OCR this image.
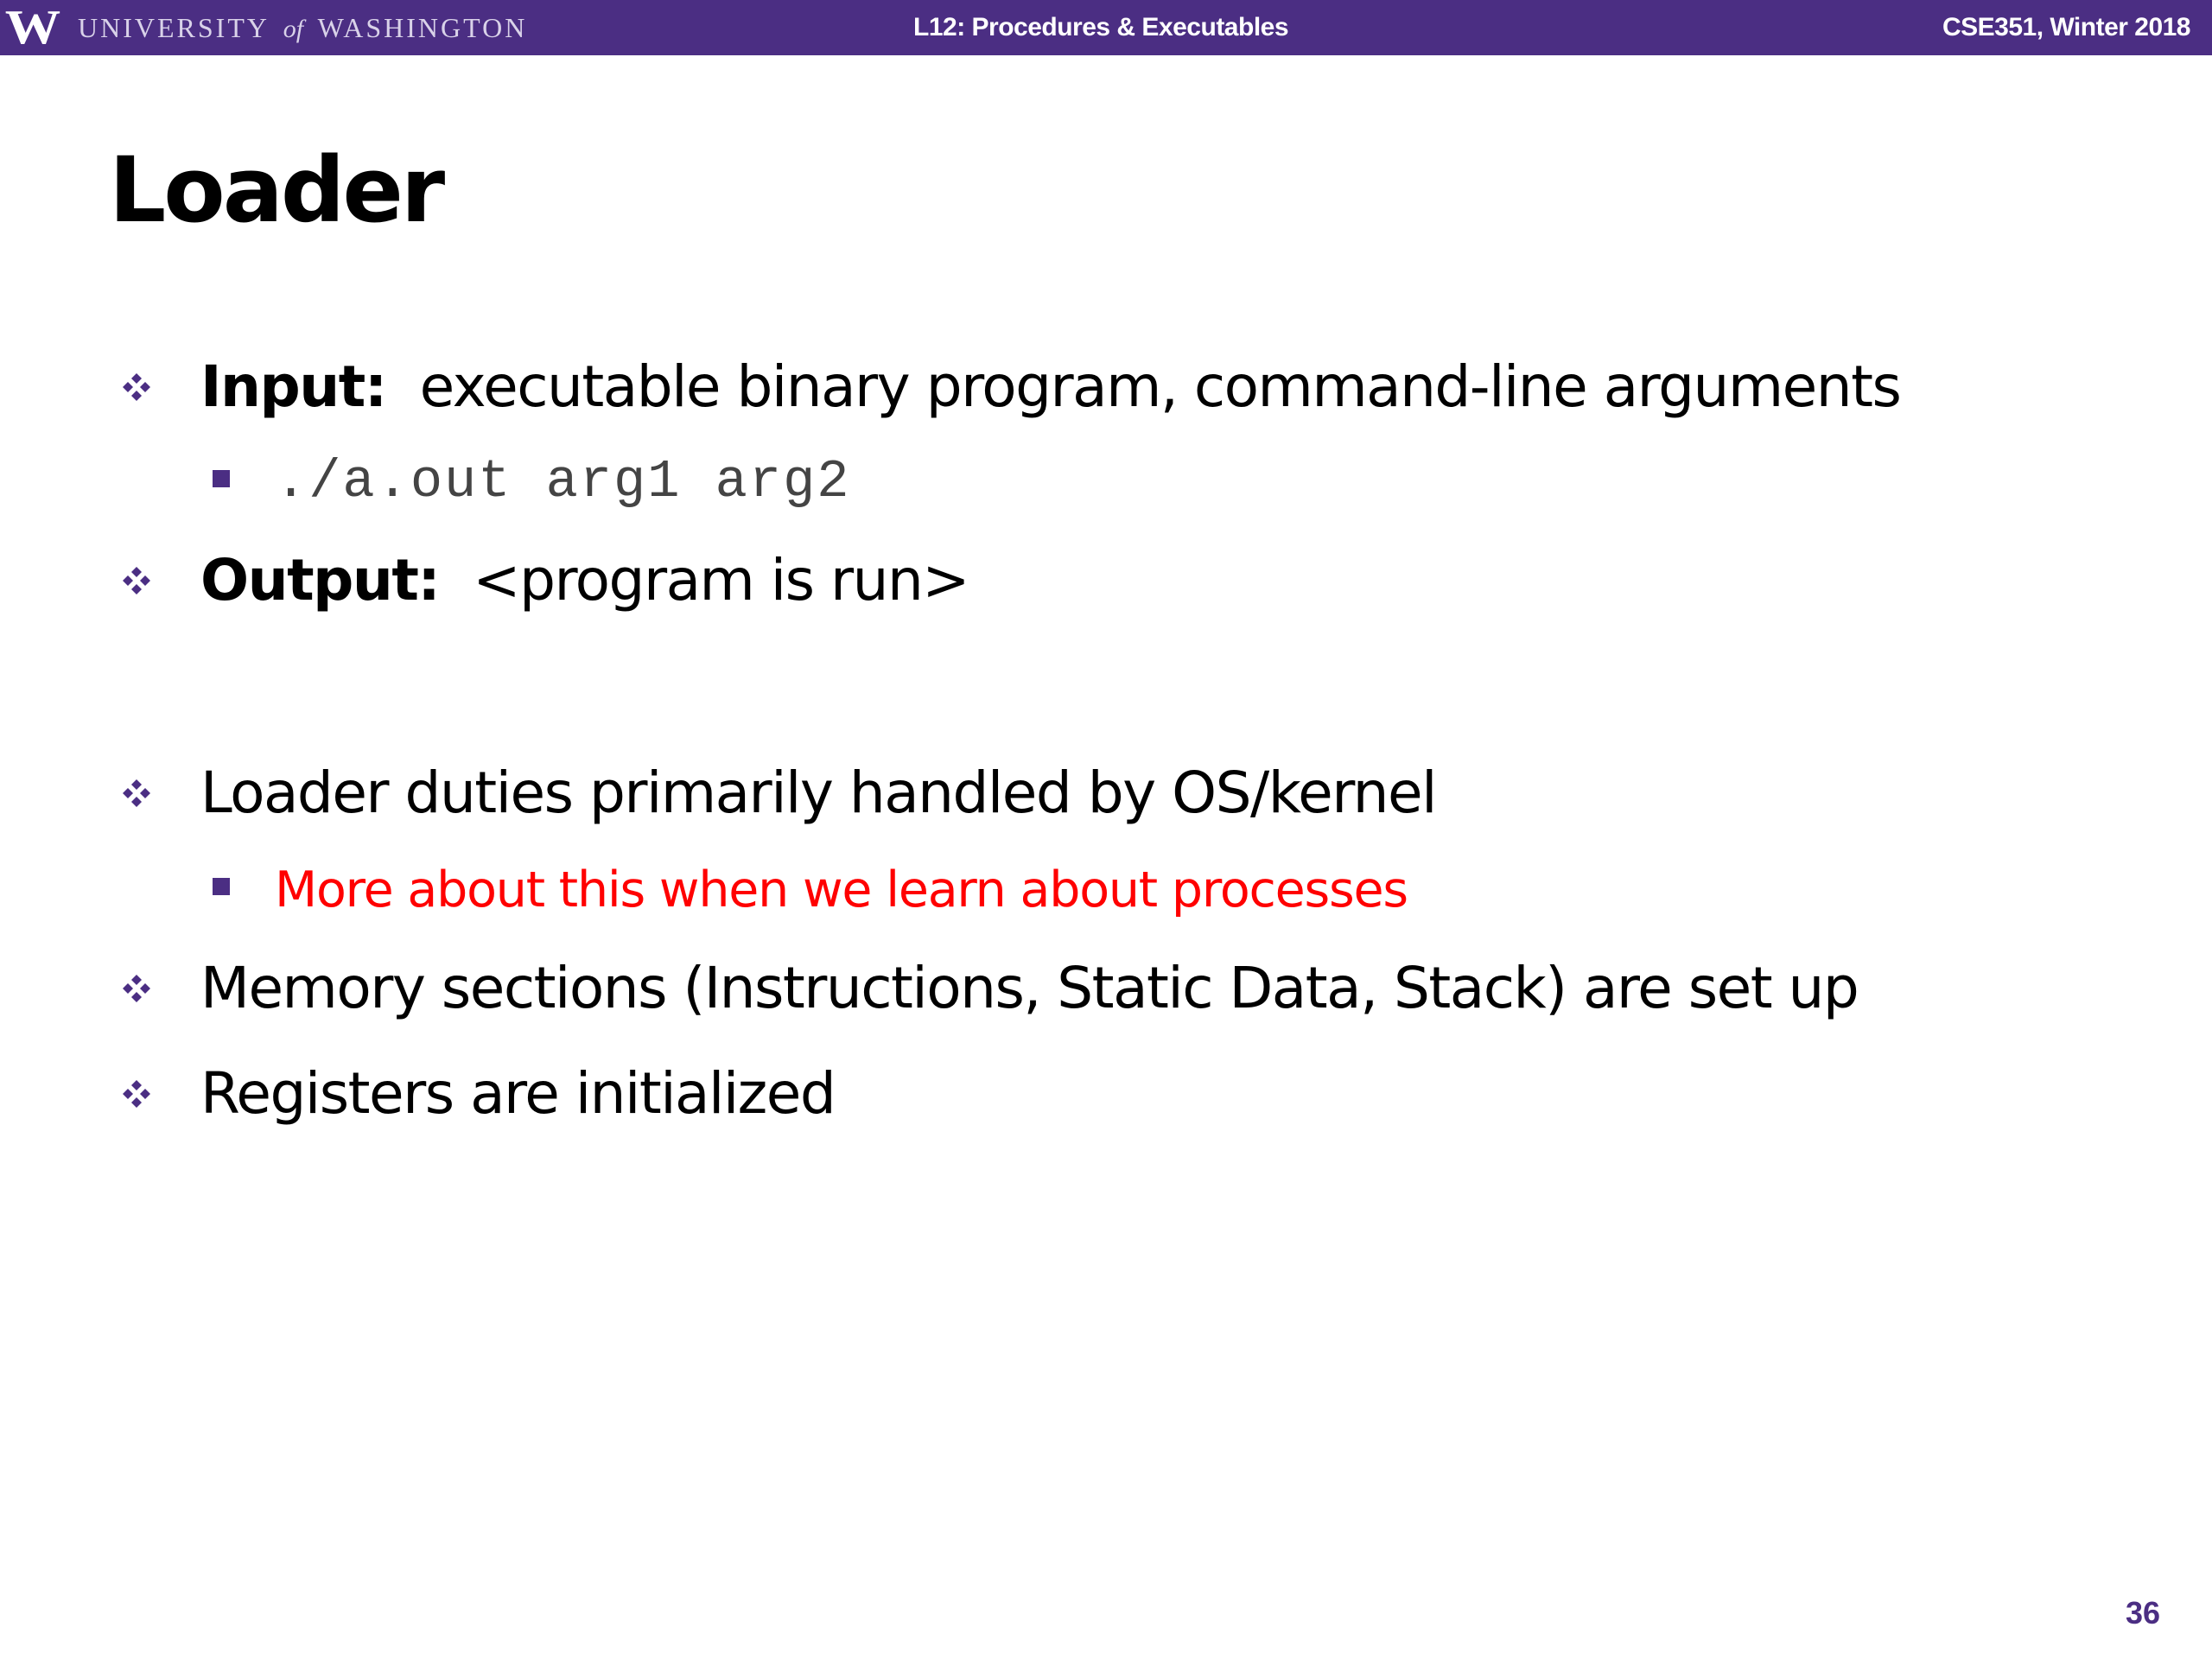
W UNIVERSITY of WASHINGTON	L12: Procedures & Executables	CSE351, Winter 2018
Loader
Input:  executable binary program, command-line arguments
./a.out arg1 arg2
Output:  <program is run>
Loader duties primarily handled by OS/kernel
More about this when we learn about processes
Memory sections (Instructions, Static Data, Stack) are set up
Registers are initialized
36
